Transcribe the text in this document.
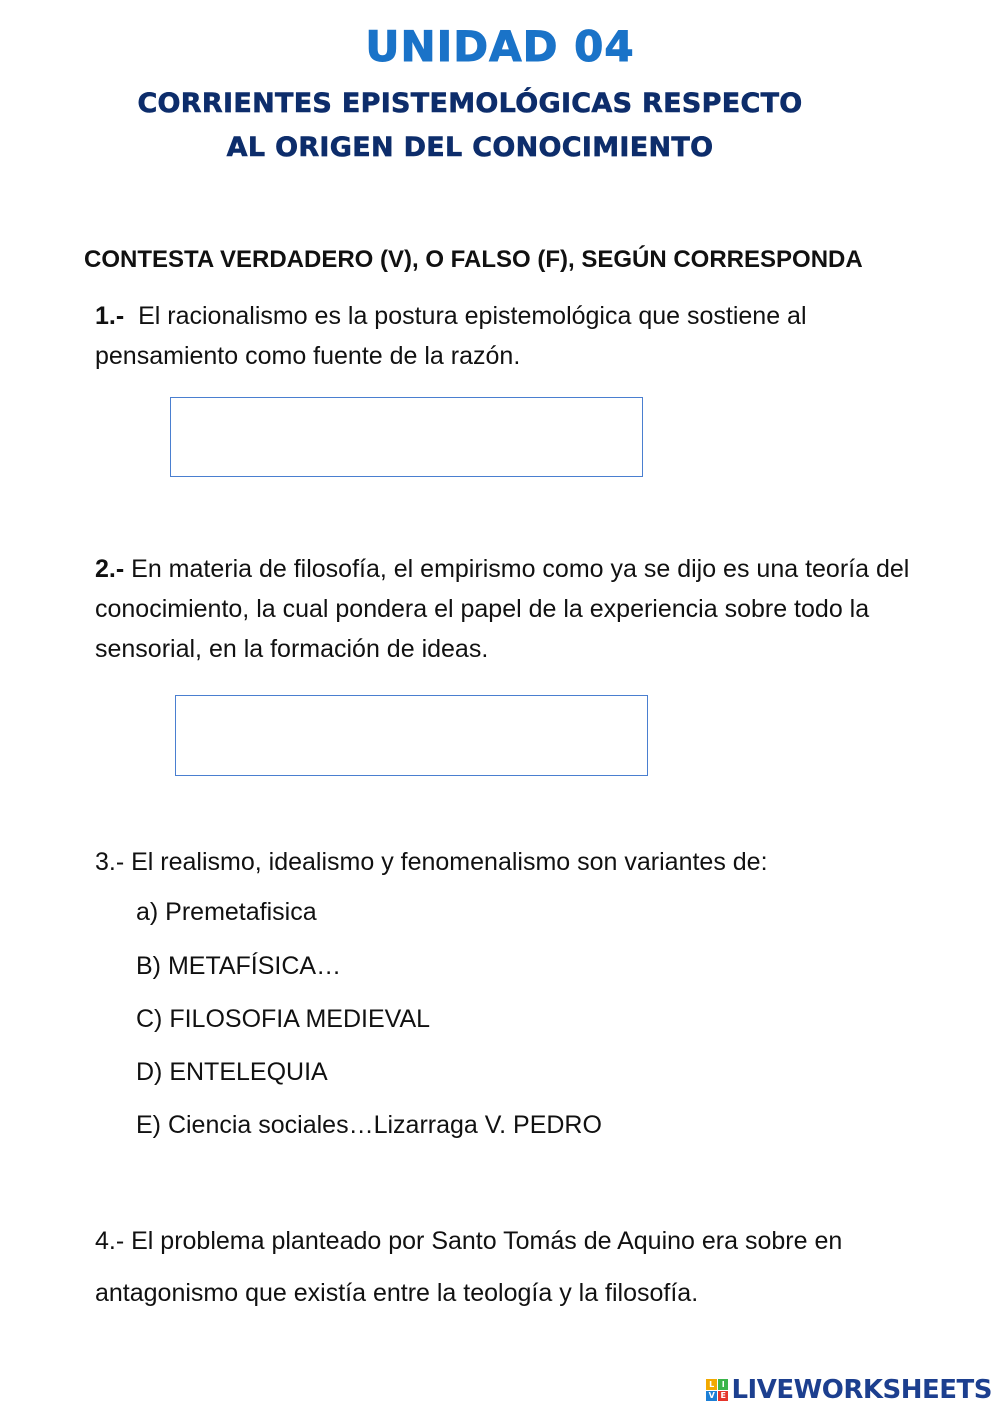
UNIDAD 04
CORRIENTES EPISTEMOLÓGICAS RESPECTO
AL ORIGEN DEL CONOCIMIENTO
CONTESTA VERDADERO (V), O FALSO (F), SEGÚN CORRESPONDA
1.- El racionalismo es la postura epistemológica que sostiene al pensamiento como fuente de la razón.
2.- En materia de filosofía, el empirismo como ya se dijo es una teoría del conocimiento, la cual pondera el papel de la experiencia sobre todo la sensorial, en la formación de ideas.
3.- El realismo, idealismo y fenomenalismo son variantes de:
a) Premetafisica
B) METAFÍSICA…
C) FILOSOFIA MEDIEVAL
D) ENTELEQUIA
E) Ciencia sociales…Lizarraga V. PEDRO
4.- El problema planteado por Santo Tomás de Aquino era sobre en antagonismo que existía entre la teología y la filosofía.
L I
V E LIVEWORKSHEETS
